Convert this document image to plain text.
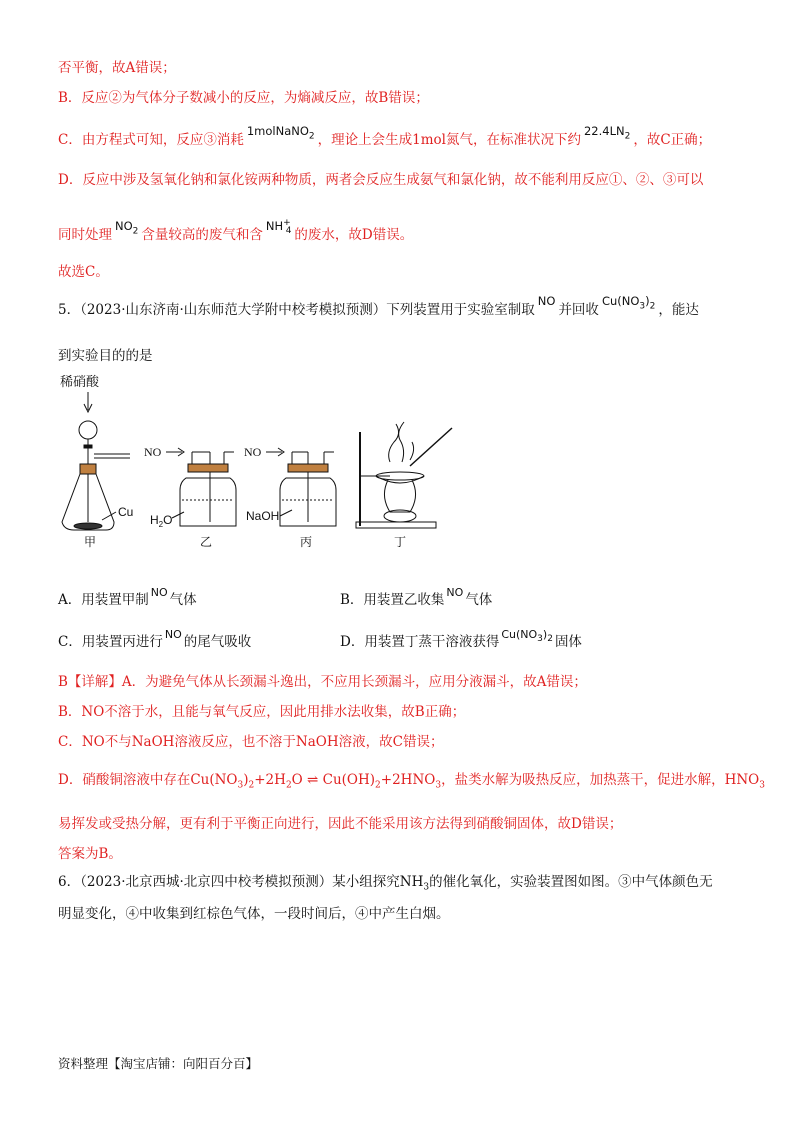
否平衡，故A错误；
B．反应②为气体分子数减小的反应，为熵减反应，故B错误；
C．由方程式可知，反应③消耗1molNaNO$_2$ ，理论上会生成1mol氮气，在标准状况下约$22.4LN_2$ ，故C正确；
D．反应中涉及氢氧化钠和氯化铵两种物质，两者会反应生成氨气和氯化钠，故不能利用反应①、②、③可以
同时处理$NO_2$ 含量较高的废气和含$NH^+_4$ 的废水，故D错误。
故选C。
5．（2023·山东济南·山东师范大学附中校考模拟预测）下列装置用于实验室制取NO并回收$Cu(NO_3)_2$ ，能达
到实验目的的是
稀硝酸
Cu
甲
NO
$H_2O$
乙
NO
NaOH
丙	丁
A．用装置甲制 $^{NO}$ 气体	B．用装置乙收集 $^{NO}$ 气体
C．用装置丙进行 $^{NO}$ 的尾气吸收	D．用装置丁蒸干溶液获得 $^{Cu(NO_3)_2}$ 固体
B【详解】A．为避免气体从长颈漏斗逸出，不应用长颈漏斗，应用分液漏斗，故A错误；
B．NO不溶于水，且能与氧气反应，因此用排水法收集，故B正确；
C．NO不与NaOH溶液反应，也不溶于NaOH溶液，故C错误；
D．硝酸铜溶液中存在$Cu(NO_3)_2+2H_2O$ ⇌ $Cu(OH)_2+2HNO_3$，盐类水解为吸热反应，加热蒸干，促进水解，$HNO_3$
易挥发或受热分解，更有利于平衡正向进行，因此不能采用该方法得到硝酸铜固体，故D错误；
答案为B。
6．（2023·北京西城·北京四中校考模拟预测）某小组探究$NH_3$的催化氧化，实验装置图如图。③中气体颜色无
明显变化，④中收集到红棕色气体，一段时间后，④中产生白烟。
资料整理【淘宝店铺：向阳百分百】
